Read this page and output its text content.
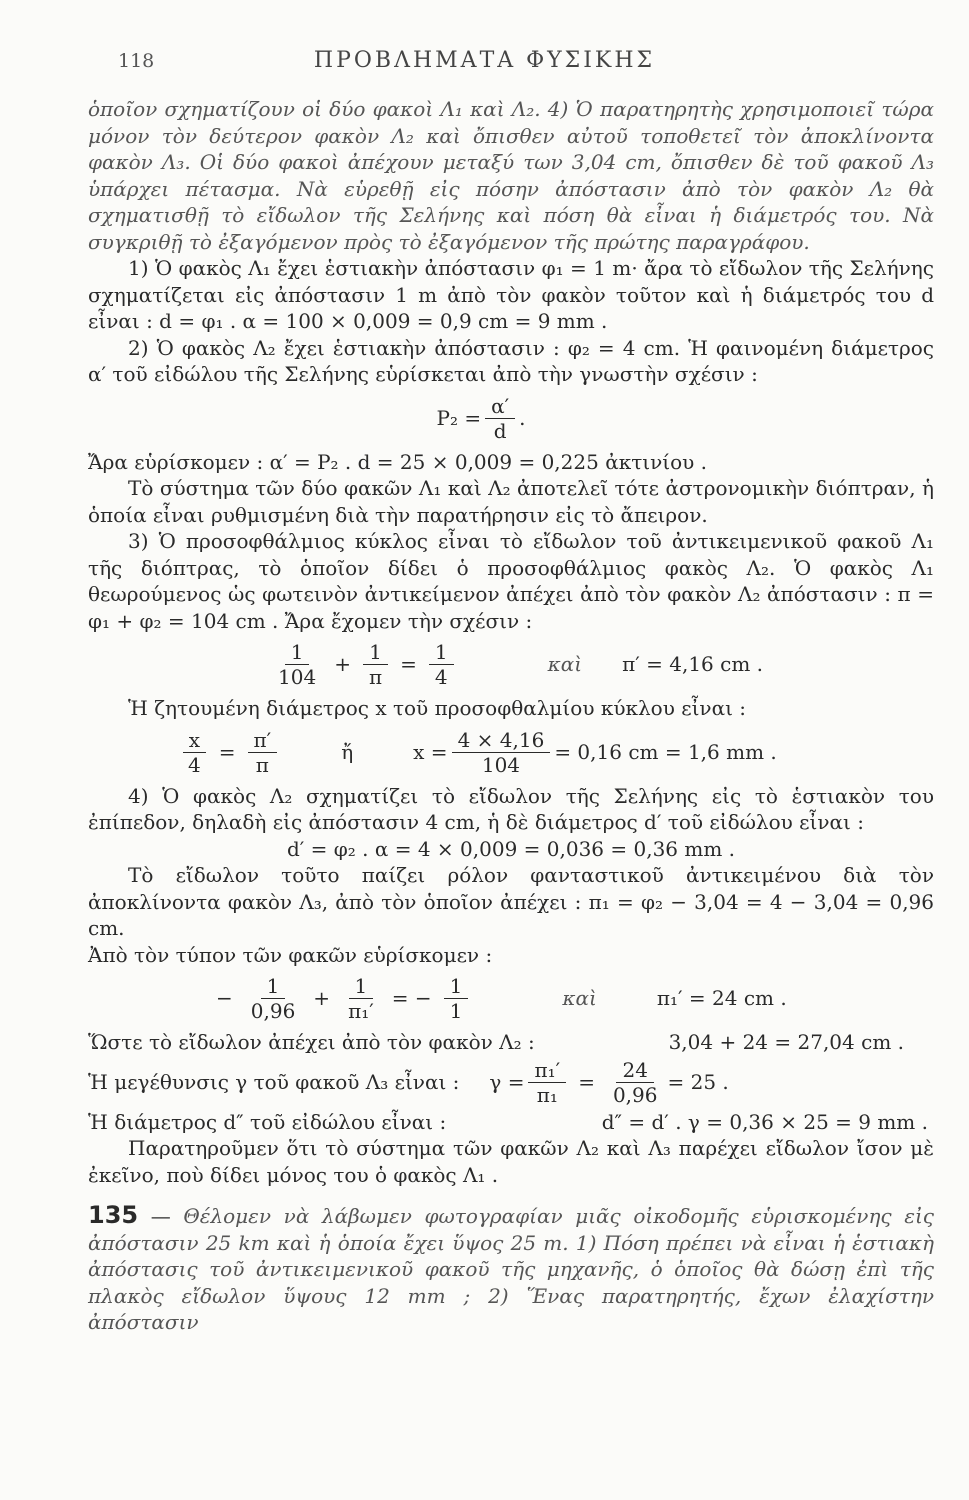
118	ΠΡΟΒΛΗΜΑΤΑ ΦΥΣΙΚΗΣ

ὁποῖον σχηματίζουν οἱ δύο φακοὶ Λ₁ καὶ Λ₂. 4) Ὁ παρατηρητὴς χρησιμοποιεῖ τώρα μόνον τὸν δεύτερον φακὸν Λ₂ καὶ ὄπισθεν αὐτοῦ τοποθετεῖ τὸν ἀποκλίνοντα φακὸν Λ₃. Οἱ δύο φακοὶ ἀπέχουν μεταξύ των 3,04 cm, ὄπισθεν δὲ τοῦ φακοῦ Λ₃ ὑπάρχει πέτασμα. Νὰ εὑρεθῇ εἰς πόσην ἀπόστασιν ἀπὸ τὸν φακὸν Λ₂ θὰ σχηματισθῇ τὸ εἴδωλον τῆς Σελήνης καὶ πόση θὰ εἶναι ἡ διάμετρός του. Νὰ συγκριθῇ τὸ ἐξαγόμενον πρὸς τὸ ἐξαγόμενον τῆς πρώτης παραγράφου.

1) Ὁ φακὸς Λ₁ ἔχει ἑστιακὴν ἀπόστασιν φ₁ = 1 m· ἄρα τὸ εἴδωλον τῆς Σελήνης σχηματίζεται εἰς ἀπόστασιν 1 m ἀπὸ τὸν φακὸν τοῦτον καὶ ἡ διάμετρός του d εἶναι : d = φ₁ . α = 100 × 0,009 = 0,9 cm = 9 mm .

2) Ὁ φακὸς Λ₂ ἔχει ἑστιακὴν ἀπόστασιν : φ₂ = 4 cm. Ἡ φαινομένη διάμετρος α′ τοῦ εἰδώλου τῆς Σελήνης εὑρίσκεται ἀπὸ τὴν γνωστὴν σχέσιν :

$P_2 = \frac{\alpha'}{d}$ .

Ἄρα εὑρίσκομεν : α′ = P₂ . d = 25 × 0,009 = 0,225 ἀκτινίου .

Τὸ σύστημα τῶν δύο φακῶν Λ₁ καὶ Λ₂ ἀποτελεῖ τότε ἀστρονομικὴν διόπτραν, ἡ ὁποία εἶναι ρυθμισμένη διὰ τὴν παρατήρησιν εἰς τὸ ἄπειρον.

3) Ὁ προσοφθάλμιος κύκλος εἶναι τὸ εἴδωλον τοῦ ἀντικειμενικοῦ φακοῦ Λ₁ τῆς διόπτρας, τὸ ὁποῖον δίδει ὁ προσοφθάλμιος φακὸς Λ₂. Ὁ φακὸς Λ₁ θεωρούμενος ὡς φωτεινὸν ἀντικείμενον ἀπέχει ἀπὸ τὸν φακὸν Λ₂ ἀπόστασιν : π = φ₁ + φ₂ = 104 cm . Ἄρα ἔχομεν τὴν σχέσιν :

$\frac{1}{104} + \frac{1}{\pi} = \frac{1}{4}$	καὶ π′ = 4,16 cm .

Ἡ ζητουμένη διάμετρος x τοῦ προσοφθαλμίου κύκλου εἶναι :

$\frac{x}{4} = \frac{\pi'}{\pi}$	ἤ	$x = \frac{4 \times 4,16}{104} = 0,16$ cm = 1,6 mm .

4) Ὁ φακὸς Λ₂ σχηματίζει τὸ εἴδωλον τῆς Σελήνης εἰς τὸ ἑστιακὸν του ἐπίπεδον, δηλαδὴ εἰς ἀπόστασιν 4 cm, ἡ δὲ διάμετρος d′ τοῦ εἰδώλου εἶναι :

d′ = φ₂ . α = 4 × 0,009 = 0,036 = 0,36 mm .

Τὸ εἴδωλον τοῦτο παίζει ρόλον φανταστικοῦ ἀντικειμένου διὰ τὸν ἀποκλίνοντα φακὸν Λ₃, ἀπὸ τὸν ὁποῖον ἀπέχει : π₁ = φ₂ − 3,04 = 4 − 3,04 = 0,96 cm.

Ἀπὸ τὸν τύπον τῶν φακῶν εὑρίσκομεν :

− $\frac{1}{0,96} + \frac{1}{\text{π₁′}}$ = − $\frac{1}{1}$	καὶ	π₁′ = 24 cm .

Ὥστε τὸ εἴδωλον ἀπέχει ἀπὸ τὸν φακὸν Λ₂ :	3,04 + 24 = 27,04 cm .

Ἡ μεγέθυνσις γ τοῦ φακοῦ Λ₃ εἶναι : $\gamma = \frac{\text{π₁′}}{\text{π₁}} = \frac{24}{0,96} = 25$ .

Ἡ διάμετρος d″ τοῦ εἰδώλου εἶναι :	d″ = d′ . γ = 0,36 × 25 = 9 mm .

Παρατηροῦμεν ὅτι τὸ σύστημα τῶν φακῶν Λ₂ καὶ Λ₃ παρέχει εἴδωλον ἴσον μὲ ἐκεῖνο, ποὺ δίδει μόνος του ὁ φακὸς Λ₁ .

135 — Θέλομεν νὰ λάβωμεν φωτογραφίαν μιᾶς οἰκοδομῆς εὑρισκομένης εἰς ἀπόστασιν 25 km καὶ ἡ ὁποία ἔχει ὕψος 25 m. 1) Πόση πρέπει νὰ εἶναι ἡ ἑστιακὴ ἀπόστασις τοῦ ἀντικειμενικοῦ φακοῦ τῆς μηχανῆς, ὁ ὁποῖος θὰ δώσῃ ἐπὶ τῆς πλακὸς εἴδωλον ὕψους 12 mm ; 2) Ἕνας παρατηρητής, ἔχων ἐλαχίστην ἀπόστασιν
